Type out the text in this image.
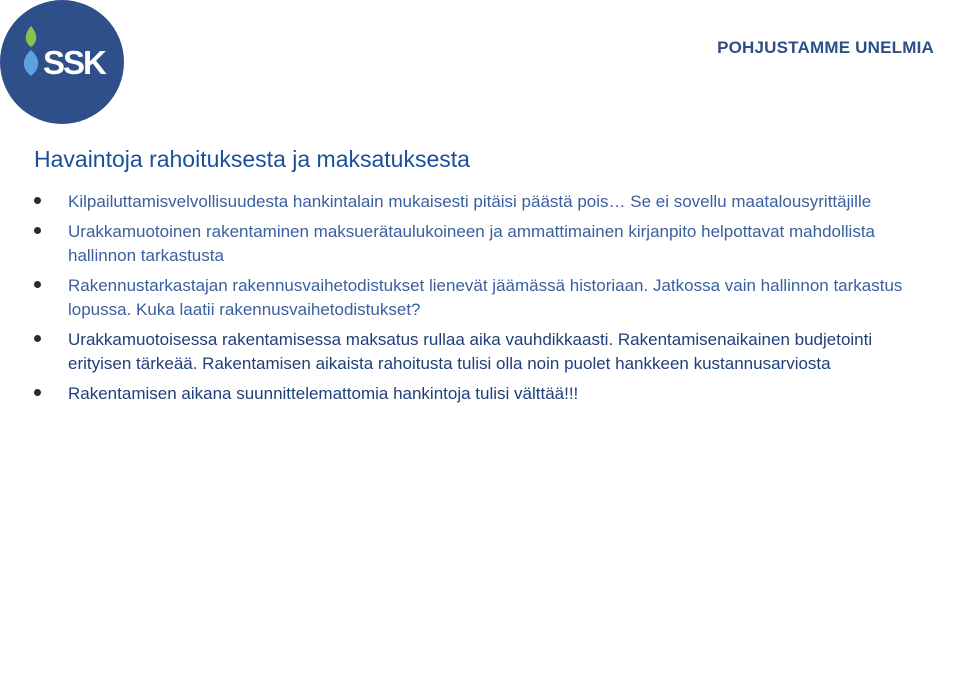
SSK	POHJUSTAMME UNELMIA
Havaintoja rahoituksesta ja maksatuksesta
Kilpailuttamisvelvollisuudesta hankintalain mukaisesti pitäisi päästä pois… Se ei sovellu maatalousyrittäjille
Urakkamuotoinen rakentaminen maksuerätaulukoineen ja ammattimainen kirjanpito helpottavat mahdollista hallinnon tarkastusta
Rakennustarkastajan rakennusvaihetodistukset lienevät jäämässä historiaan. Jatkossa vain hallinnon tarkastus lopussa. Kuka laatii rakennusvaihetodistukset?
Urakkamuotoisessa rakentamisessa maksatus rullaa aika vauhdikkaasti. Rakentamisenaikainen budjetointi erityisen tärkeää. Rakentamisen aikaista rahoitusta tulisi olla noin puolet hankkeen kustannusarviosta
Rakentamisen aikana suunnittelemattomia hankintoja tulisi välttää!!!
